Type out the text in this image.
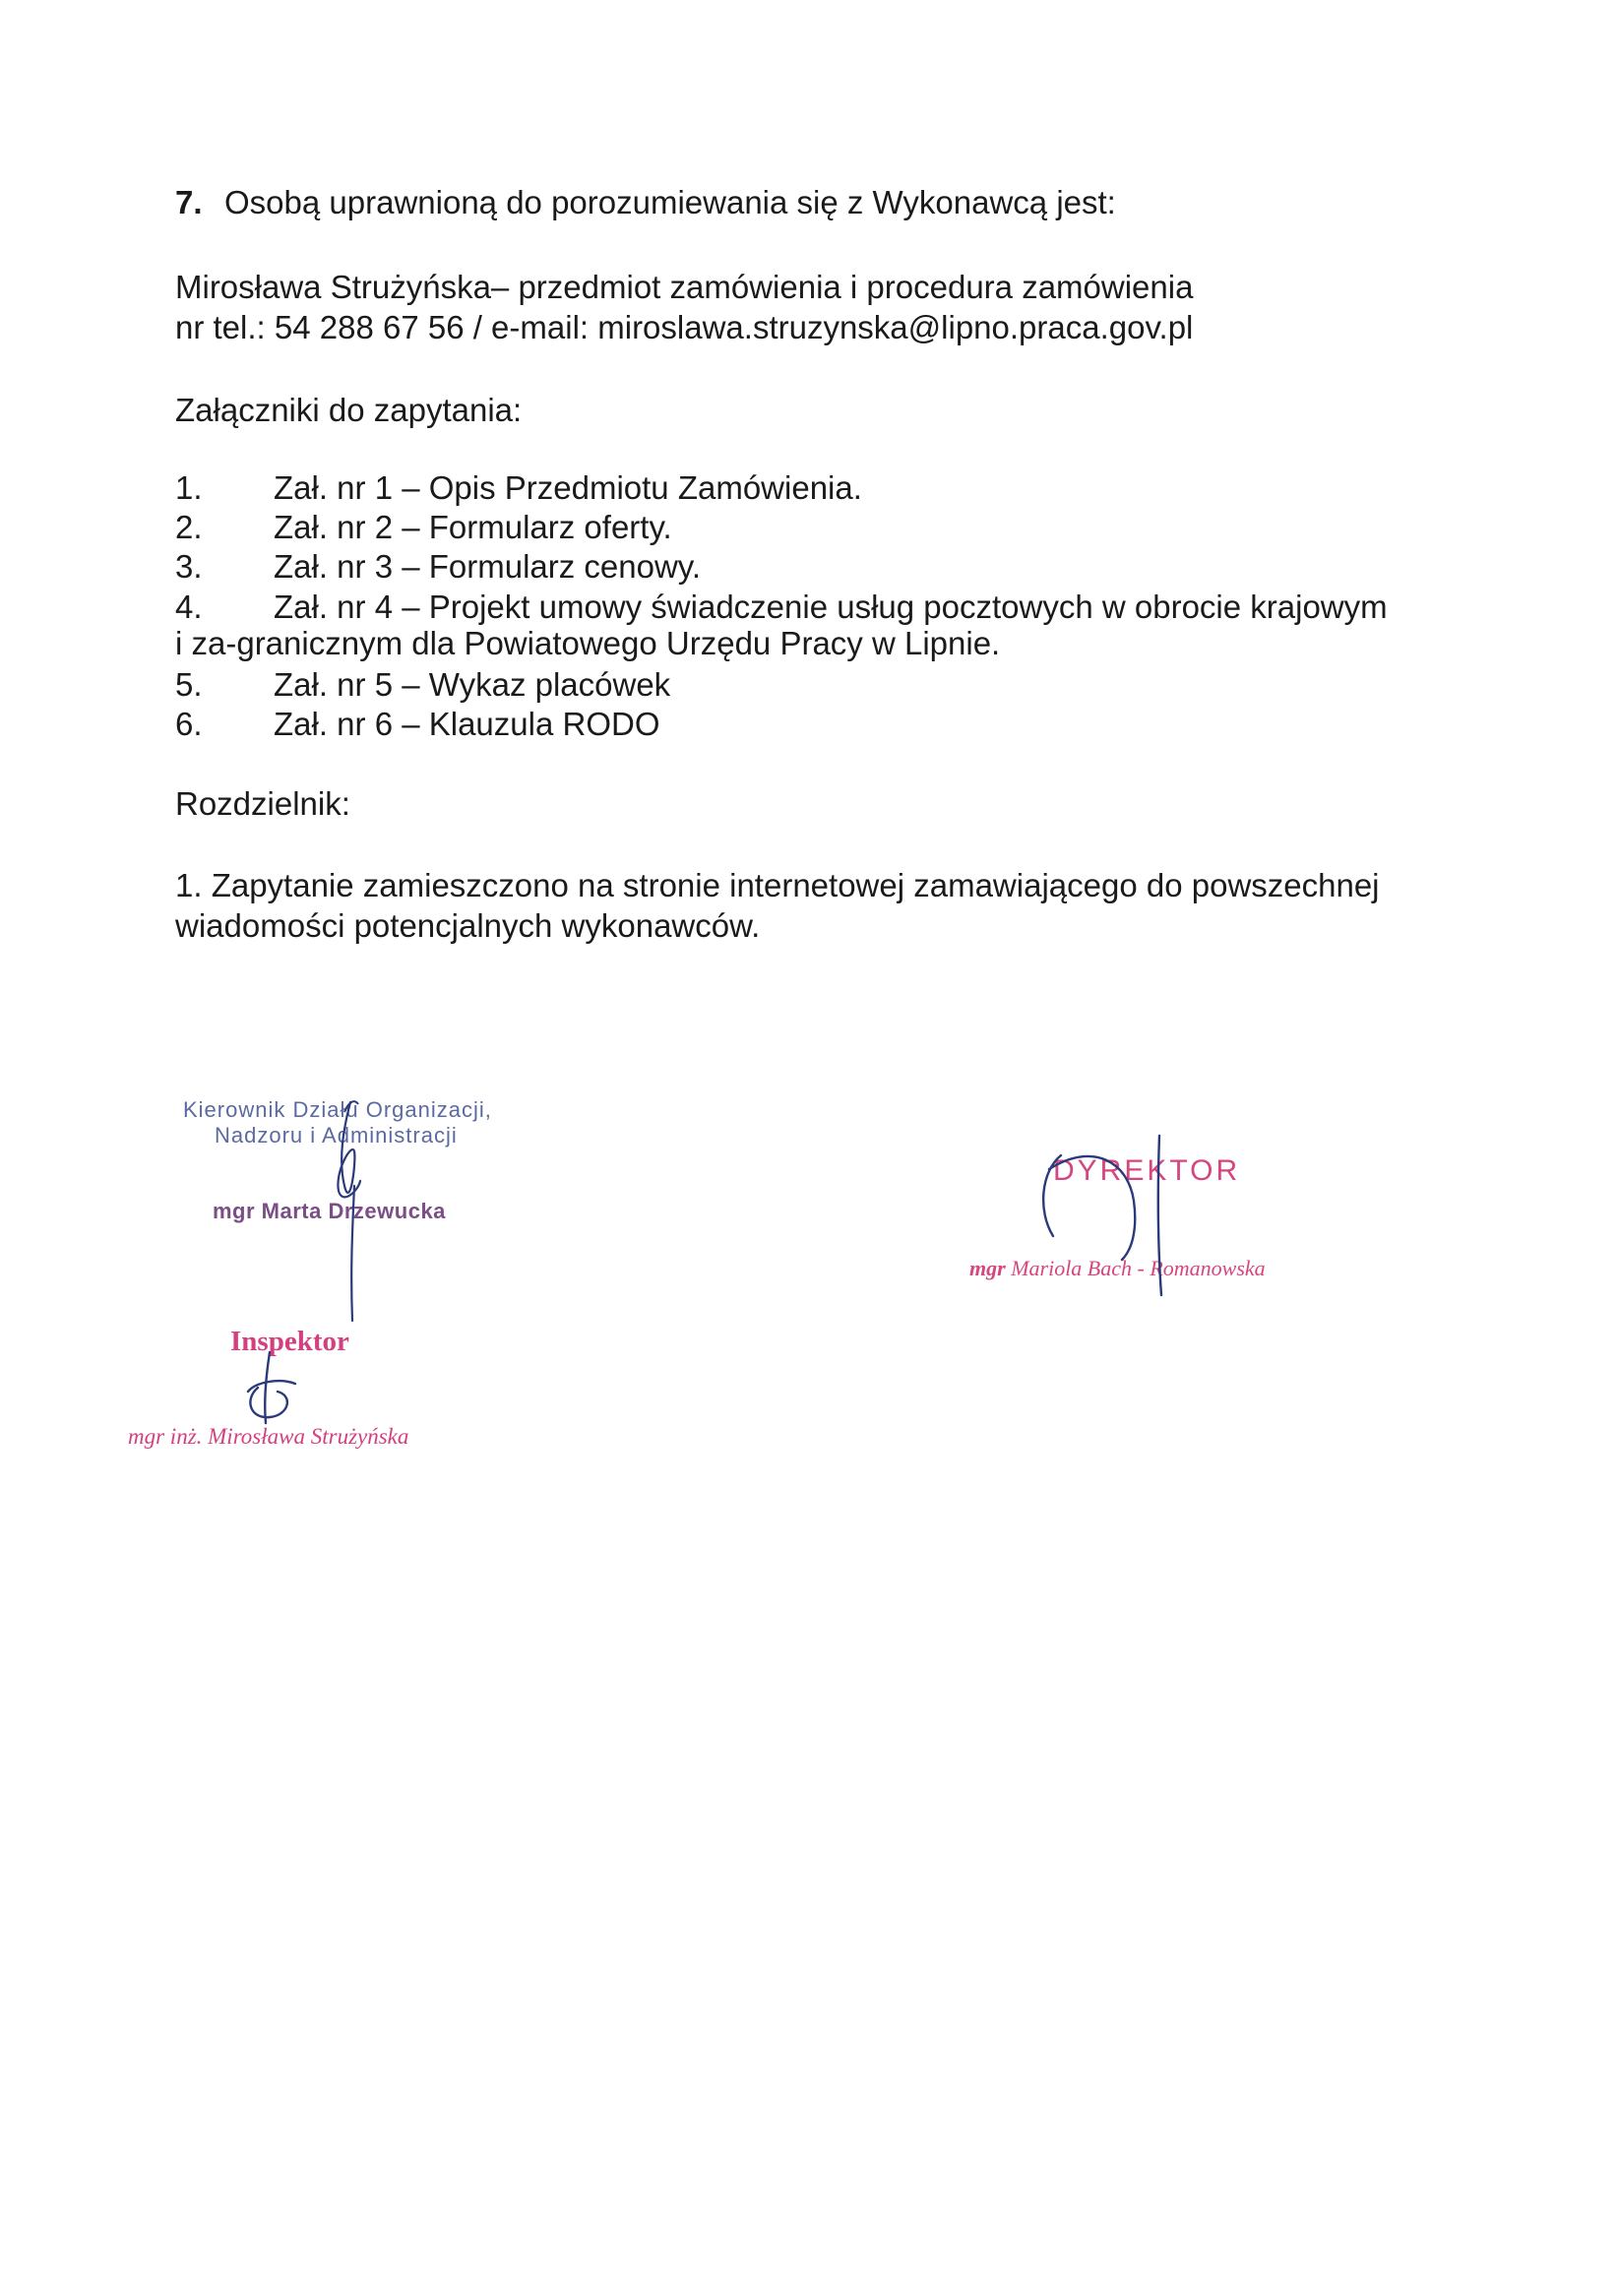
7. Osobą uprawnioną do porozumiewania się z Wykonawcą jest:
Mirosława Strużyńska– przedmiot zamówienia i procedura zamówienia
nr tel.: 54 288 67 56 / e-mail: miroslawa.struzynska@lipno.praca.gov.pl
Załączniki do zapytania:
1. Zał. nr 1 – Opis Przedmiotu Zamówienia.
2. Zał. nr 2 – Formularz oferty.
3. Zał. nr 3 – Formularz cenowy.
4. Zał. nr 4 – Projekt umowy świadczenie usług pocztowych w obrocie krajowym
i za-granicznym dla Powiatowego Urzędu Pracy w Lipnie.
5. Zał. nr 5 – Wykaz placówek
6. Zał. nr 6 – Klauzula RODO
Rozdzielnik:
1. Zapytanie zamieszczono na stronie internetowej zamawiającego do powszechnej
wiadomości potencjalnych wykonawców.
Kierownik Działu Organizacji,
Nadzoru i Administracji
mgr Marta Drzewucka
Inspektor
mgr inż. Mirosława Strużyńska
DYREKTOR
mgr Mariola Bach - Romanowska
